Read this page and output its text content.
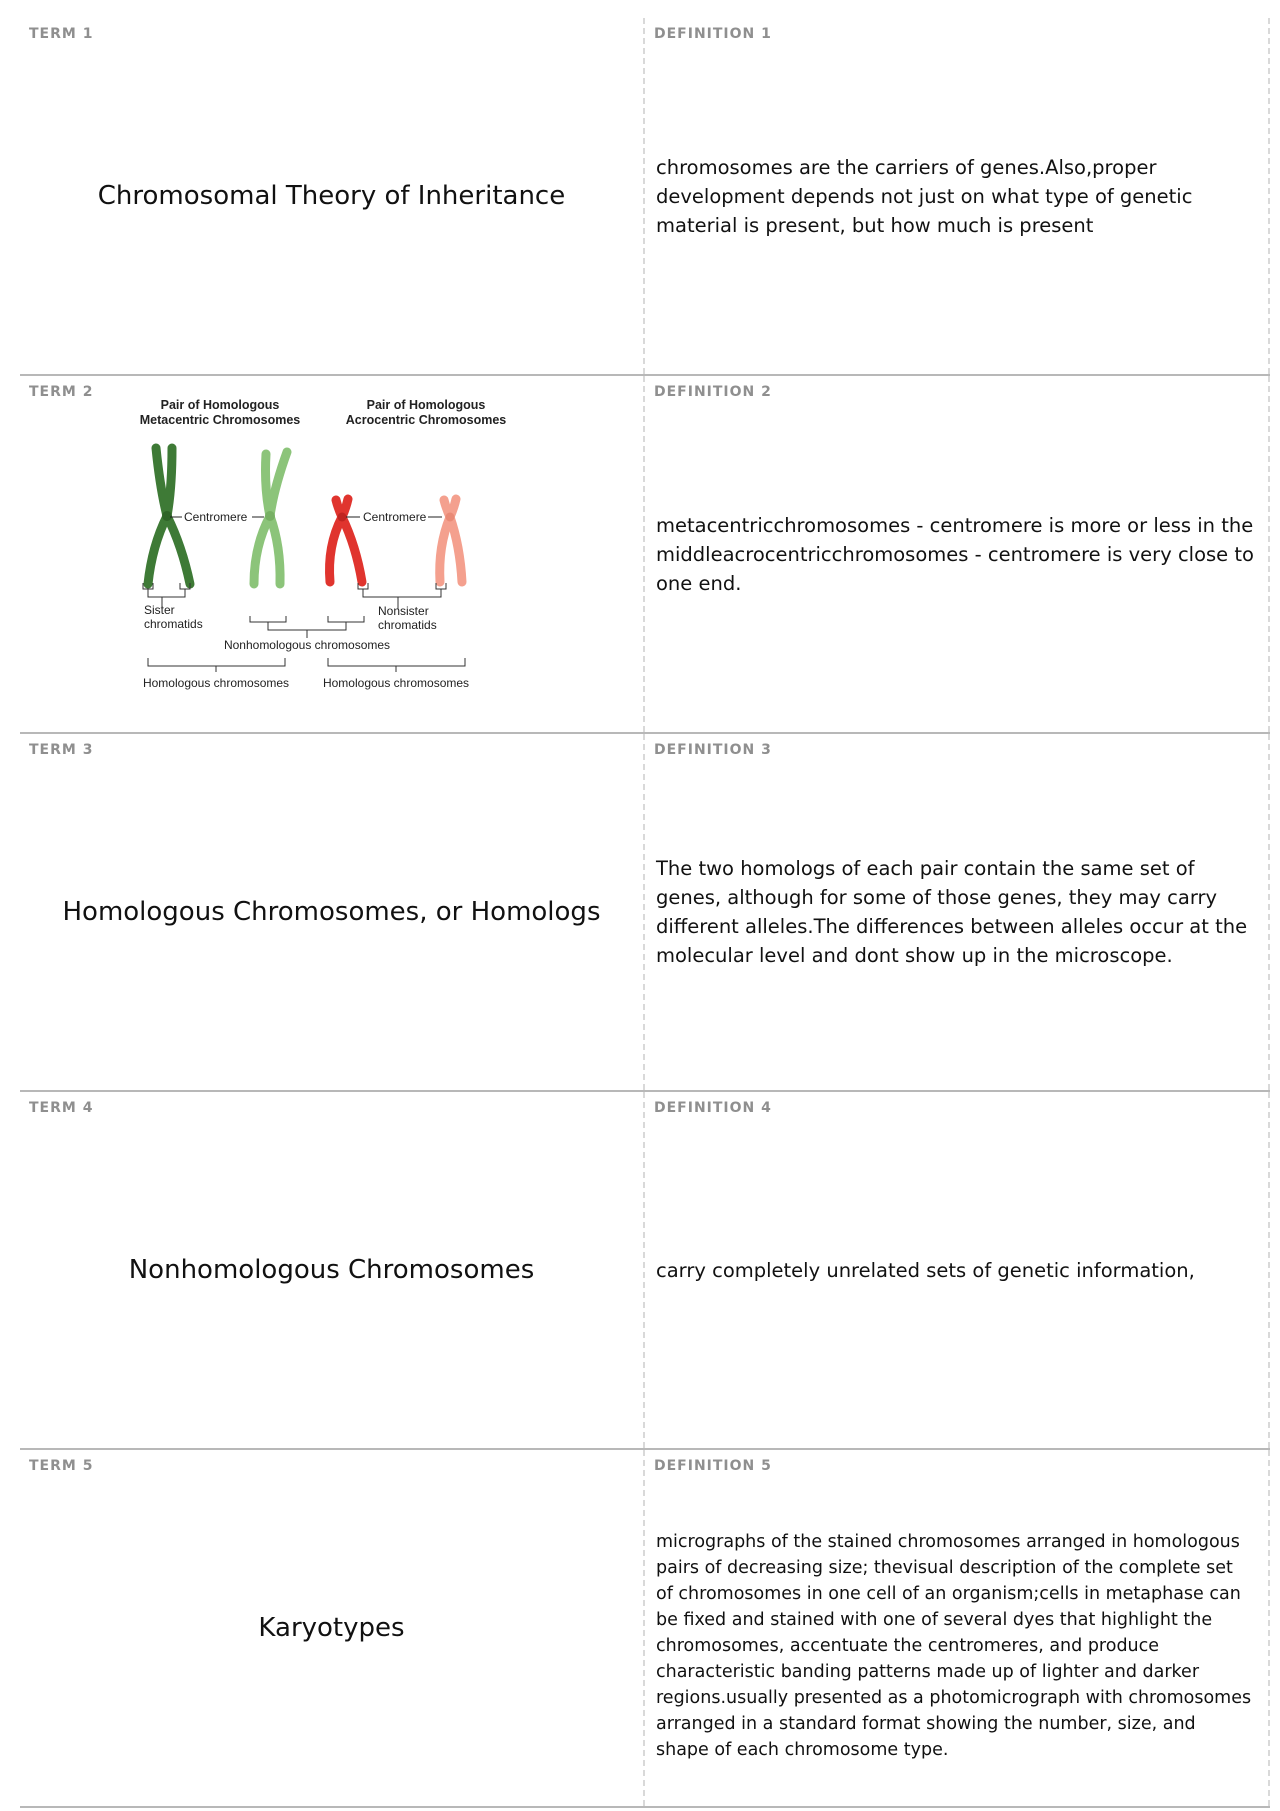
TERM 1
Chromosomal Theory of Inheritance
DEFINITION 1
chromosomes are the carriers of genes.Also,proper development depends not just on what type of genetic material is present, but how much is present
TERM 2
Pair of Homologous
Metacentric Chromosomes
Pair of Homologous
Acrocentric Chromosomes
Centromere	Centromere
Sister
chromatids
Nonsister
chromatids
Nonhomologous chromosomes
Homologous chromosomes	Homologous chromosomes
DEFINITION 2
metacentricchromosomes - centromere is more or less in the middleacrocentricchromosomes - centromere is very close to one end.
TERM 3
Homologous Chromosomes, or Homologs
DEFINITION 3
The two homologs of each pair contain the same set of genes, although for some of those genes, they may carry different alleles.The differences between alleles occur at the molecular level and dont show up in the microscope.
TERM 4
Nonhomologous Chromosomes
DEFINITION 4
carry completely unrelated sets of genetic information,
TERM 5
Karyotypes
DEFINITION 5
micrographs of the stained chromosomes arranged in homologous pairs of decreasing size; thevisual description of the complete set of chromosomes in one cell of an organism;cells in metaphase can be fixed and stained with one of several dyes that highlight the chromosomes, accentuate the centromeres, and produce characteristic banding patterns made up of lighter and darker regions.usually presented as a photomicrograph with chromosomes arranged in a standard format showing the number, size, and shape of each chromosome type.
